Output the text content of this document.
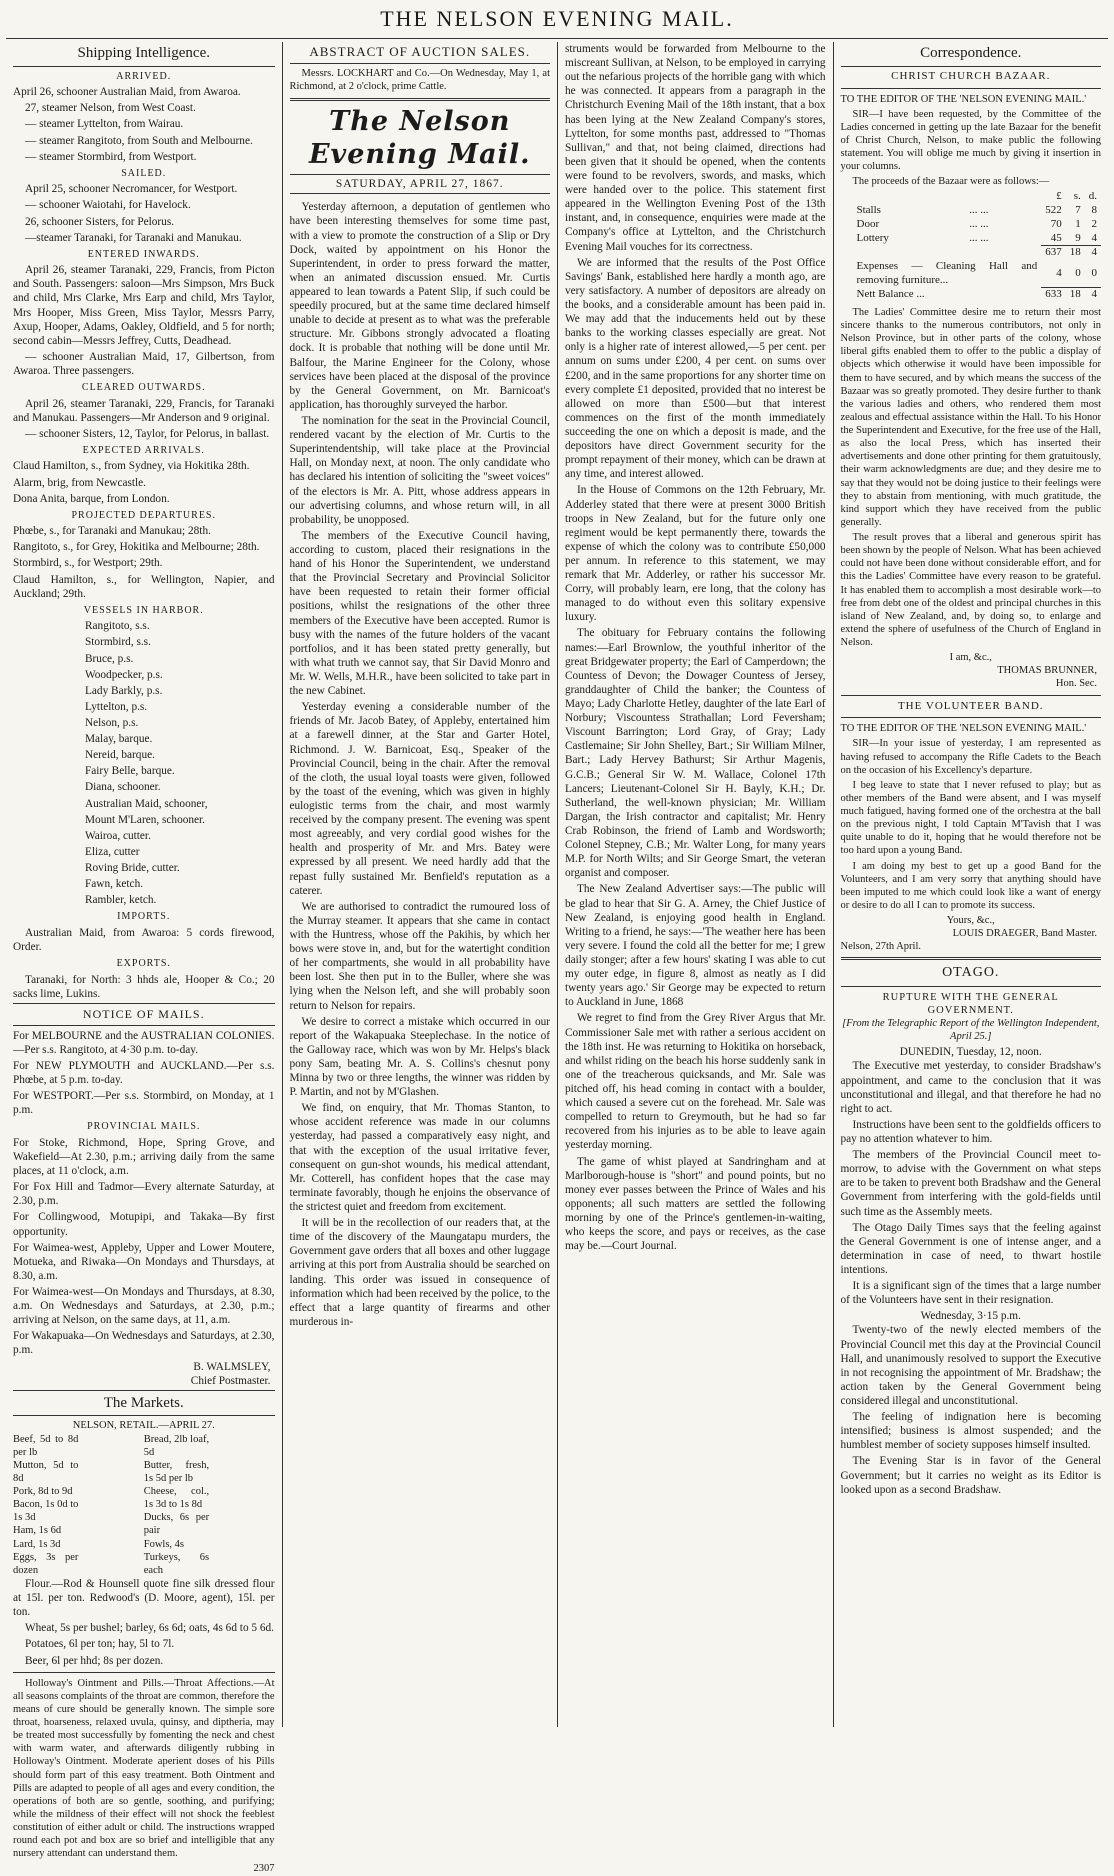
THE NELSON EVENING MAIL.
Shipping Intelligence.
ARRIVED.

April 26, schooner Australian Maid, from Awaroa.

27, steamer Nelson, from West Coast.

— steamer Lyttelton, from Wairau.

— steamer Rangitoto, from South and Melbourne.

— steamer Stormbird, from Westport.

SAILED.

April 25, schooner Necromancer, for Westport.

— schooner Waiotahi, for Havelock.

26, schooner Sisters, for Pelorus.

—steamer Taranaki, for Taranaki and Manukau.

ENTERED INWARDS.

April 26, steamer Taranaki, 229, Francis, from Picton and South. Passengers: saloon—Mrs Simpson, Mrs Buck and child, Mrs Clarke, Mrs Earp and child, Mrs Taylor, Mrs Hooper, Miss Green, Miss Taylor, Messrs Parry, Axup, Hooper, Adams, Oakley, Oldfield, and 5 for north; second cabin—Messrs Jeffrey, Cutts, Deadhead.

— schooner Australian Maid, 17, Gilbertson, from Awaroa. Three passengers.

CLEARED OUTWARDS.

April 26, steamer Taranaki, 229, Francis, for Taranaki and Manukau. Passengers—Mr Anderson and 9 original.

— schooner Sisters, 12, Taylor, for Pelorus, in ballast.

EXPECTED ARRIVALS.

Claud Hamilton, s., from Sydney, via Hokitika 28th.

Alarm, brig, from Newcastle.

Dona Anita, barque, from London.

PROJECTED DEPARTURES.

Phœbe, s., for Taranaki and Manukau; 28th.

Rangitoto, s., for Grey, Hokitika and Melbourne; 28th.

Stormbird, s., for Westport; 29th.

Claud Hamilton, s., for Wellington, Napier, and Auckland; 29th.

VESSELS IN HARBOR.

Rangitoto, s.s.

Stormbird, s.s.

Bruce, p.s.

Woodpecker, p.s.

Lady Barkly, p.s.

Lyttelton, p.s.

Nelson, p.s.

Malay, barque.

Nereid, barque.

Fairy Belle, barque.

Diana, schooner.

Australian Maid, schooner,

Mount M'Laren, schooner.

Wairoa, cutter.

Eliza, cutter

Roving Bride, cutter.

Fawn, ketch.

Rambler, ketch.

IMPORTS.

Australian Maid, from Awaroa: 5 cords firewood, Order.

EXPORTS.

Taranaki, for North: 3 hhds ale, Hooper & Co.; 20 sacks lime, Lukins.

NOTICE OF MAILS.

For MELBOURNE and the AUSTRALIAN COLONIES. —Per s.s. Rangitoto, at 4·30 p.m. to-day.

For NEW PLYMOUTH and AUCKLAND.—Per s.s. Phœbe, at 5 p.m. to-day.

For WESTPORT.—Per s.s. Stormbird, on Monday, at 1 p.m.

PROVINCIAL MAILS.

For Stoke, Richmond, Hope, Spring Grove, and Wakefield—At 2.30, p.m.; arriving daily from the same places, at 11 o'clock, a.m.

For Fox Hill and Tadmor—Every alternate Saturday, at 2.30, p.m.

For Collingwood, Motupipi, and Takaka—By first opportunity.

For Waimea-west, Appleby, Upper and Lower Moutere, Motueka, and Riwaka—On Mondays and Thursdays, at 8.30, a.m.

For Waimea-west—On Mondays and Thursdays, at 8.30, a.m. On Wednesdays and Saturdays, at 2.30, p.m.; arriving at Nelson, on the same days, at 11, a.m.

For Wakapuaka—On Wednesdays and Saturdays, at 2.30, p.m.

B. WALMSLEY,
Chief Postmaster.
The Markets.
NELSON, RETAIL.—APRIL 27.
Beef, 5d to 8d per lb
Mutton, 5d to 8d
Pork, 8d to 9d
Bacon, 1s 0d to 1s 3d
Ham, 1s 6d
Lard, 1s 3d
Eggs, 3s per dozen
Bread, 2lb loaf, 5d
Butter, fresh, 1s 5d per lb
Cheese, col., 1s 3d to 1s 8d
Ducks, 6s per pair
Fowls, 4s
Turkeys, 6s each

Flour.—Rod & Hounsell quote fine silk dressed flour at 15l. per ton. Redwood's (D. Moore, agent), 15l. per ton.

Wheat, 5s per bushel; barley, 6s 6d; oats, 4s 6d to 5 6d.

Potatoes, 6l per ton; hay, 5l to 7l.

Beer, 6l per hhd; 8s per dozen.

Holloway's Ointment and Pills.—Throat Affections.—At all seasons complaints of the throat are common, therefore the means of cure should be generally known. The simple sore throat, hoarseness, relaxed uvula, quinsy, and diptheria, may be treated most successfully by fomenting the neck and chest with warm water, and afterwards diligently rubbing in Holloway's Ointment. Moderate aperient doses of his Pills should form part of this easy treatment. Both Ointment and Pills are adapted to people of all ages and every condition, the operations of both are so gentle, soothing, and purifying; while the mildness of their effect will not shock the feeblest constitution of either adult or child. The instructions wrapped round each pot and box are so brief and intelligible that any nursery attendant can understand them.

2307
ABSTRACT OF AUCTION SALES.

Messrs. LOCKHART and Co.—On Wednesday, May 1, at Richmond, at 2 o'clock, prime Cattle.

The Nelson Evening Mail.
SATURDAY, APRIL 27, 1867.

Yesterday afternoon, a deputation of gentlemen who have been interesting themselves for some time past, with a view to promote the construction of a Slip or Dry Dock, waited by appointment on his Honor the Superintendent, in order to press forward the matter, when an animated discussion ensued. Mr. Curtis appeared to lean towards a Patent Slip, if such could be speedily procured, but at the same time declared himself unable to decide at present as to what was the preferable structure. Mr. Gibbons strongly advocated a floating dock. It is probable that nothing will be done until Mr. Balfour, the Marine Engineer for the Colony, whose services have been placed at the disposal of the province by the General Government, on Mr. Barnicoat's application, has thoroughly surveyed the harbor.

The nomination for the seat in the Provincial Council, rendered vacant by the election of Mr. Curtis to the Superintendentship, will take place at the Provincial Hall, on Monday next, at noon. The only candidate who has declared his intention of soliciting the "sweet voices" of the electors is Mr. A. Pitt, whose address appears in our advertising columns, and whose return will, in all probability, be unopposed.

The members of the Executive Council having, according to custom, placed their resignations in the hand of his Honor the Superintendent, we understand that the Provincial Secretary and Provincial Solicitor have been requested to retain their former official positions, whilst the resignations of the other three members of the Executive have been accepted. Rumor is busy with the names of the future holders of the vacant portfolios, and it has been stated pretty generally, but with what truth we cannot say, that Sir David Monro and Mr. W. Wells, M.H.R., have been solicited to take part in the new Cabinet.

Yesterday evening a considerable number of the friends of Mr. Jacob Batey, of Appleby, entertained him at a farewell dinner, at the Star and Garter Hotel, Richmond. J. W. Barnicoat, Esq., Speaker of the Provincial Council, being in the chair. After the removal of the cloth, the usual loyal toasts were given, followed by the toast of the evening, which was given in highly eulogistic terms from the chair, and most warmly received by the company present. The evening was spent most agreeably, and very cordial good wishes for the health and prosperity of Mr. and Mrs. Batey were expressed by all present. We need hardly add that the repast fully sustained Mr. Benfield's reputation as a caterer.

We are authorised to contradict the rumoured loss of the Murray steamer. It appears that she came in contact with the Huntress, whose off the Pakihis, by which her bows were stove in, and, but for the watertight condition of her compartments, she would in all probability have been lost. She then put in to the Buller, where she was lying when the Nelson left, and she will probably soon return to Nelson for repairs.

We desire to correct a mistake which occurred in our report of the Wakapuaka Steeplechase. In the notice of the Galloway race, which was won by Mr. Helps's black pony Sam, beating Mr. A. S. Collins's chesnut pony Minna by two or three lengths, the winner was ridden by P. Martin, and not by M'Glashen.

We find, on enquiry, that Mr. Thomas Stanton, to whose accident reference was made in our columns yesterday, had passed a comparatively easy night, and that with the exception of the usual irritative fever, consequent on gun-shot wounds, his medical attendant, Mr. Cotterell, has confident hopes that the case may terminate favorably, though he enjoins the observance of the strictest quiet and freedom from excitement.

It will be in the recollection of our readers that, at the time of the discovery of the Maungatapu murders, the Government gave orders that all boxes and other luggage arriving at this port from Australia should be searched on landing. This order was issued in consequence of information which had been received by the police, to the effect that a large quantity of firearms and other murderous in-

struments would be forwarded from Melbourne to the miscreant Sullivan, at Nelson, to be employed in carrying out the nefarious projects of the horrible gang with which he was connected. It appears from a paragraph in the Christchurch Evening Mail of the 18th instant, that a box has been lying at the New Zealand Company's stores, Lyttelton, for some months past, addressed to "Thomas Sullivan," and that, not being claimed, directions had been given that it should be opened, when the contents were found to be revolvers, swords, and masks, which were handed over to the police. This statement first appeared in the Wellington Evening Post of the 13th instant, and, in consequence, enquiries were made at the Company's office at Lyttelton, and the Christchurch Evening Mail vouches for its correctness.

We are informed that the results of the Post Office Savings' Bank, established here hardly a month ago, are very satisfactory. A number of depositors are already on the books, and a considerable amount has been paid in. We may add that the inducements held out by these banks to the working classes especially are great. Not only is a higher rate of interest allowed,—5 per cent. per annum on sums under £200, 4 per cent. on sums over £200, and in the same proportions for any shorter time on every complete £1 deposited, provided that no interest be allowed on more than £500—but that interest commences on the first of the month immediately succeeding the one on which a deposit is made, and the depositors have direct Government security for the prompt repayment of their money, which can be drawn at any time, and interest allowed.

In the House of Commons on the 12th February, Mr. Adderley stated that there were at present 3000 British troops in New Zealand, but for the future only one regiment would be kept permanently there, towards the expense of which the colony was to contribute £50,000 per annum. In reference to this statement, we may remark that Mr. Adderley, or rather his successor Mr. Corry, will probably learn, ere long, that the colony has managed to do without even this solitary expensive luxury.

The obituary for February contains the following names:—Earl Brownlow, the youthful inheritor of the great Bridgewater property; the Earl of Camperdown; the Countess of Devon; the Dowager Countess of Jersey, granddaughter of Child the banker; the Countess of Mayo; Lady Charlotte Hetley, daughter of the late Earl of Norbury; Viscountess Strathallan; Lord Feversham; Viscount Barrington; Lord Gray, of Gray; Lady Castlemaine; Sir John Shelley, Bart.; Sir William Milner, Bart.; Lady Hervey Bathurst; Sir Arthur Magenis, G.C.B.; General Sir W. M. Wallace, Colonel 17th Lancers; Lieutenant-Colonel Sir H. Bayly, K.H.; Dr. Sutherland, the well-known physician; Mr. William Dargan, the Irish contractor and capitalist; Mr. Henry Crab Robinson, the friend of Lamb and Wordsworth; Colonel Stepney, C.B.; Mr. Walter Long, for many years M.P. for North Wilts; and Sir George Smart, the veteran organist and composer.

The New Zealand Advertiser says:—The public will be glad to hear that Sir G. A. Arney, the Chief Justice of New Zealand, is enjoying good health in England. Writing to a friend, he says:—'The weather here has been very severe. I found the cold all the better for me; I grew daily stonger; after a few hours' skating I was able to cut my outer edge, in figure 8, almost as neatly as I did twenty years ago.' Sir George may be expected to return to Auckland in June, 1868

We regret to find from the Grey River Argus that Mr. Commissioner Sale met with rather a serious accident on the 18th inst. He was returning to Hokitika on horseback, and whilst riding on the beach his horse suddenly sank in one of the treacherous quicksands, and Mr. Sale was pitched off, his head coming in contact with a boulder, which caused a severe cut on the forehead. Mr. Sale was compelled to return to Greymouth, but he had so far recovered from his injuries as to be able to leave again yesterday morning.

The game of whist played at Sandringham and at Marlborough-house is "short" and pound points, but no money ever passes between the Prince of Wales and his opponents; all such matters are settled the following morning by one of the Prince's gentlemen-in-waiting, who keeps the score, and pays or receives, as the case may be.—Court Journal.

Correspondence.
CHRIST CHURCH BAZAAR.

TO THE EDITOR OF THE 'NELSON EVENING MAIL.'

SIR—I have been requested, by the Committee of the Ladies concerned in getting up the late Bazaar for the benefit of Christ Church, Nelson, to make public the following statement. You will oblige me much by giving it insertion in your columns.

The proceeds of the Bazaar were as follows:—

		£	s.	d.
Stalls	... ...	522	7	8
Door	... ...	70	1	2
Lottery	... ...	45	9	4
		637	18	4
Expenses — Cleaning Hall and removing furniture...		4	0	0
Nett Balance ...		633	18	4

The Ladies' Committee desire me to return their most sincere thanks to the numerous contributors, not only in Nelson Province, but in other parts of the colony, whose liberal gifts enabled them to offer to the public a display of objects which otherwise it would have been impossible for them to have secured, and by which means the success of the Bazaar was so greatly promoted. They desire further to thank the various ladies and others, who rendered them most zealous and effectual assistance within the Hall. To his Honor the Superintendent and Executive, for the free use of the Hall, as also the local Press, which has inserted their advertisements and done other printing for them gratuitously, their warm acknowledgments are due; and they desire me to say that they would not be doing justice to their feelings were they to abstain from mentioning, with much gratitude, the kind support which they have received from the public generally.

The result proves that a liberal and generous spirit has been shown by the people of Nelson. What has been achieved could not have been done without considerable effort, and for this the Ladies' Committee have every reason to be grateful. It has enabled them to accomplish a most desirable work—to free from debt one of the oldest and principal churches in this island of New Zealand, and, by doing so, to enlarge and extend the sphere of usefulness of the Church of England in Nelson.

I am, &c.,
THOMAS BRUNNER,
Hon. Sec.
THE VOLUNTEER BAND.

TO THE EDITOR OF THE 'NELSON EVENING MAIL.'

SIR—In your issue of yesterday, I am represented as having refused to accompany the Rifle Cadets to the Beach on the occasion of his Excellency's departure.

I beg leave to state that I never refused to play; but as other members of the Band were absent, and I was myself much fatigued, having formed one of the orchestra at the ball on the previous night, I told Captain M'Tavish that I was quite unable to do it, hoping that he would therefore not be too hard upon a young Band.

I am doing my best to get up a good Band for the Volunteers, and I am very sorry that anything should have been imputed to me which could look like a want of energy or desire to do all I can to promote its success.

Yours, &c.,
LOUIS DRAEGER, Band Master.
Nelson, 27th April.
OTAGO.
RUPTURE WITH THE GENERAL GOVERNMENT.

[From the Telegraphic Report of the Wellington Independent, April 25.]

DUNEDIN, Tuesday, 12, noon.

The Executive met yesterday, to consider Bradshaw's appointment, and came to the conclusion that it was unconstitutional and illegal, and that therefore he had no right to act.

Instructions have been sent to the goldfields officers to pay no attention whatever to him.

The members of the Provincial Council meet to-morrow, to advise with the Government on what steps are to be taken to prevent both Bradshaw and the General Government from interfering with the gold-fields until such time as the Assembly meets.

The Otago Daily Times says that the feeling against the General Government is one of intense anger, and a determination in case of need, to thwart hostile intentions.

It is a significant sign of the times that a large number of the Volunteers have sent in their resignation.

Wednesday, 3·15 p.m.

Twenty-two of the newly elected members of the Provincial Council met this day at the Provincial Council Hall, and unanimously resolved to support the Executive in not recognising the appointment of Mr. Bradshaw; the action taken by the General Government being considered illegal and unconstitutional.

The feeling of indignation here is becoming intensified; business is almost suspended; and the humblest member of society supposes himself insulted.

The Evening Star is in favor of the General Government; but it carries no weight as its Editor is looked upon as a second Bradshaw.
